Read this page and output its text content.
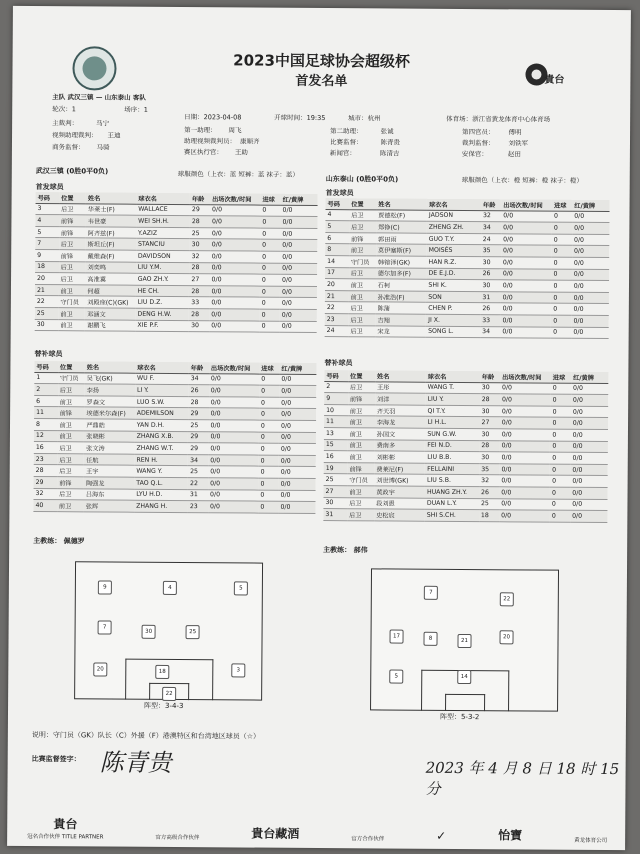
貴台
2023中国足球协会超级杯
首发名单
主队 武汉三镇 — 山东泰山 客队
轮次：1	场序：1
日期：2023-04-08	开球时间：19:35	城市：杭州	体育场：浙江省黄龙体育中心体育场
主裁判：	马宁
视频助理裁判： 王迪
商务监督： 马骑
第一助理： 周飞
助理视频裁判员： 康顺齐
赛区执行官： 王助
第二助理：	张诚
比赛监督：	陈青贵
新闻官：	陈清吉
第四官员： 傅明
裁判监督： 刘铁军
安保官：	赵田
武汉三镇 (0胜0平0负)	球服颜色（上衣：蓝 短裤：蓝 袜子：蓝）
山东泰山 (0胜0平0负)	球服颜色（上衣：橙 短裤：橙 袜子：橙）
首发球员
首发球员
号码	位置	姓名	球衣名	年龄	出场次数/时间	进球	红/黄牌
3	后卫	华莱士(F)	WALLACE	29	0/0	0	0/0
4	前锋	韦世豪	WEI SH.H.	28	0/0	0	0/0
5	前锋	阿齐兹(F)	Y.AZIZ	25	0/0	0	0/0
7	后卫	斯坦丘(F)	STANCIU	30	0/0	0	0/0
9	前锋	戴维森(F)	DAVIDSON	32	0/0	0	0/0
18	后卫	刘奕鸣	LIU Y.M.	28	0/0	0	0/0
20	后卫	高准翼	GAO ZH.Y.	27	0/0	0	0/0
21	前卫	何超	HE CH.	28	0/0	0	0/0
22	守门员	刘殿座(C)(GK)	LIU D.Z.	33	0/0	0	0/0
25	前卫	邓涵文	DENG H.W.	28	0/0	0	0/0
30	前卫	谢鹏飞	XIE P.F.	30	0/0	0	0/0
号码	位置	姓名	球衣名	年龄	出场次数/时间	进球	红/黄牌
4	后卫	贾德松(F)	JADSON	32	0/0	0	0/0
5	后卫	郑铮(C)	ZHENG ZH.	34	0/0	0	0/0
6	前锋	郭田雨	GUO T.Y.	24	0/0	0	0/0
8	前卫	莫伊塞斯(F)	MOISÉS	35	0/0	0	0/0
14	守门员	韩镕泽(GK)	HAN R.Z.	30	0/0	0	0/0
17	后卫	德尔加多(F)	DE E.J.D.	26	0/0	0	0/0
20	前卫	石柯	SHI K.	30	0/0	0	0/0
21	前卫	孙准浩(F)	SON	31	0/0	0	0/0
22	后卫	陈蒲	CHEN P.	26	0/0	0	0/0
23	后卫	吉翔	JI X.	33	0/0	0	0/0
24	后卫	宋龙	SONG L.	34	0/0	0	0/0
替补球员
替补球员
号码	位置	姓名	球衣名	年龄	出场次数/时间	进球	红/黄牌
1	守门员	吴飞(GK)	WU F.	34	0/0	0	0/0
2	后卫	李扬	LI Y.	26	0/0	0	0/0
6	前卫	罗森文	LUO S.W.	28	0/0	0	0/0
11	前锋	埃德米尔森(F)	ADEMILSON	29	0/0	0	0/0
8	前卫	严鼎皓	YAN D.H.	25	0/0	0	0/0
12	前卫	张晓彬	ZHANG X.B.	29	0/0	0	0/0
16	后卫	张文涛	ZHANG W.T.	29	0/0	0	0/0
23	后卫	任航	REN H.	34	0/0	0	0/0
28	后卫	王宇	WANG Y.	25	0/0	0	0/0
29	前锋	陶强龙	TAO Q.L.	22	0/0	0	0/0
32	后卫	吕海东	LYU H.D.	31	0/0	0	0/0
40	前卫	张辉	ZHANG H.	23	0/0	0	0/0
号码	位置	姓名	球衣名	年龄	出场次数/时间	进球	红/黄牌
2	后卫	王彤	WANG T.	30	0/0	0	0/0
9	前锋	刘洋	LIU Y.	28	0/0	0	0/0
10	前卫	齐天羽	QI T.Y.	30	0/0	0	0/0
11	前卫	李海龙	LI H.L.	27	0/0	0	0/0
13	前卫	孙国文	SUN G.W.	30	0/0	0	0/0
15	前卫	费南多	FEI N.D.	28	0/0	0	0/0
16	前卫	刘彬彬	LIU B.B.	30	0/0	0	0/0
19	前锋	费莱尼(F)	FELLAINI	35	0/0	0	0/0
25	守门员	刘世博(GK)	LIU S.B.	32	0/0	0	0/0
27	前卫	黄政宇	HUANG ZH.Y.	26	0/0	0	0/0
30	后卫	段刘愚	DUAN L.Y.	25	0/0	0	0/0
31	后卫	史松宸	SHI S.CH.	18	0/0	0	0/0
主教练： 佩德罗
主教练： 郝伟
9	4	5
7
30	25
20	18	3
22
阵型：3-4-3
7
22
17	8	21
20
5	14
阵型：5-3-2
说明：守门员（GK）队长（C）外援（F）港澳特区和台湾地区球员（☆）
比赛监督签字： 陈青贵	2023 年 4 月 8 日 18 时 15 分
貴台
冠名合作伙伴 TITLE PARTNER	官方高级合作伙伴	貴台藏酒	官方合作伙伴	✓	怡寶	黄龙体育公司
